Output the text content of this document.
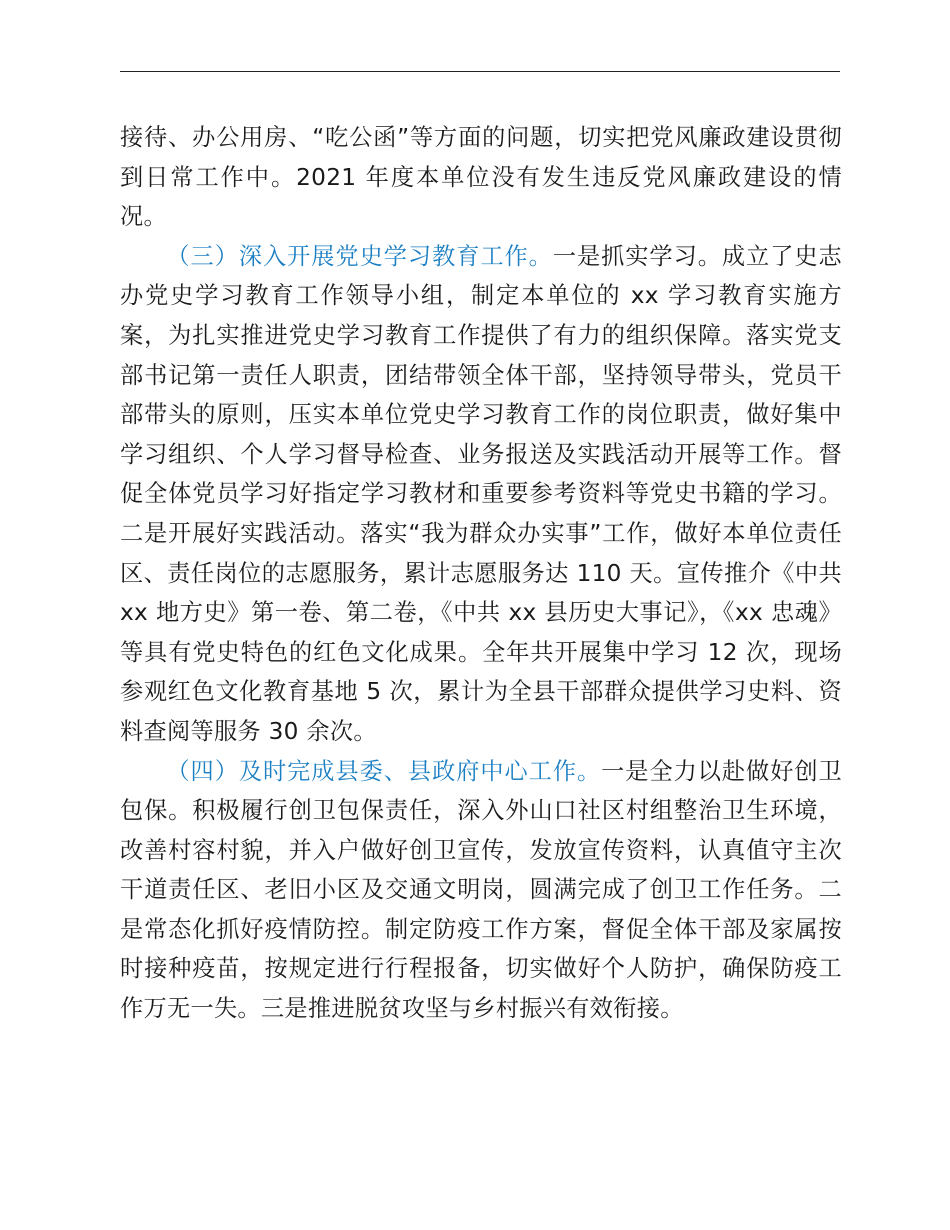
接待、办公用房、“吃公函”等方面的问题，切实把党风廉政建设贯彻到日常工作中。2021 年度本单位没有发生违反党风廉政建设的情况。

（三）深入开展党史学习教育工作。一是抓实学习。成立了史志办党史学习教育工作领导小组，制定本单位的 xx 学习教育实施方案，为扎实推进党史学习教育工作提供了有力的组织保障。落实党支部书记第一责任人职责，团结带领全体干部，坚持领导带头，党员干部带头的原则，压实本单位党史学习教育工作的岗位职责，做好集中学习组织、个人学习督导检查、业务报送及实践活动开展等工作。督促全体党员学习好指定学习教材和重要参考资料等党史书籍的学习。二是开展好实践活动。落实“我为群众办实事”工作，做好本单位责任区、责任岗位的志愿服务，累计志愿服务达 110 天。宣传推介《中共 xx 地方史》第一卷、第二卷，《中共 xx 县历史大事记》，《xx 忠魂》等具有党史特色的红色文化成果。全年共开展集中学习 12 次，现场参观红色文化教育基地 5 次，累计为全县干部群众提供学习史料、资料查阅等服务 30 余次。

（四）及时完成县委、县政府中心工作。一是全力以赴做好创卫包保。积极履行创卫包保责任，深入外山口社区村组整治卫生环境，改善村容村貌，并入户做好创卫宣传，发放宣传资料，认真值守主次干道责任区、老旧小区及交通文明岗，圆满完成了创卫工作任务。二是常态化抓好疫情防控。制定防疫工作方案，督促全体干部及家属按时接种疫苗，按规定进行行程报备，切实做好个人防护，确保防疫工作万无一失。三是推进脱贫攻坚与乡村振兴有效衔接。
